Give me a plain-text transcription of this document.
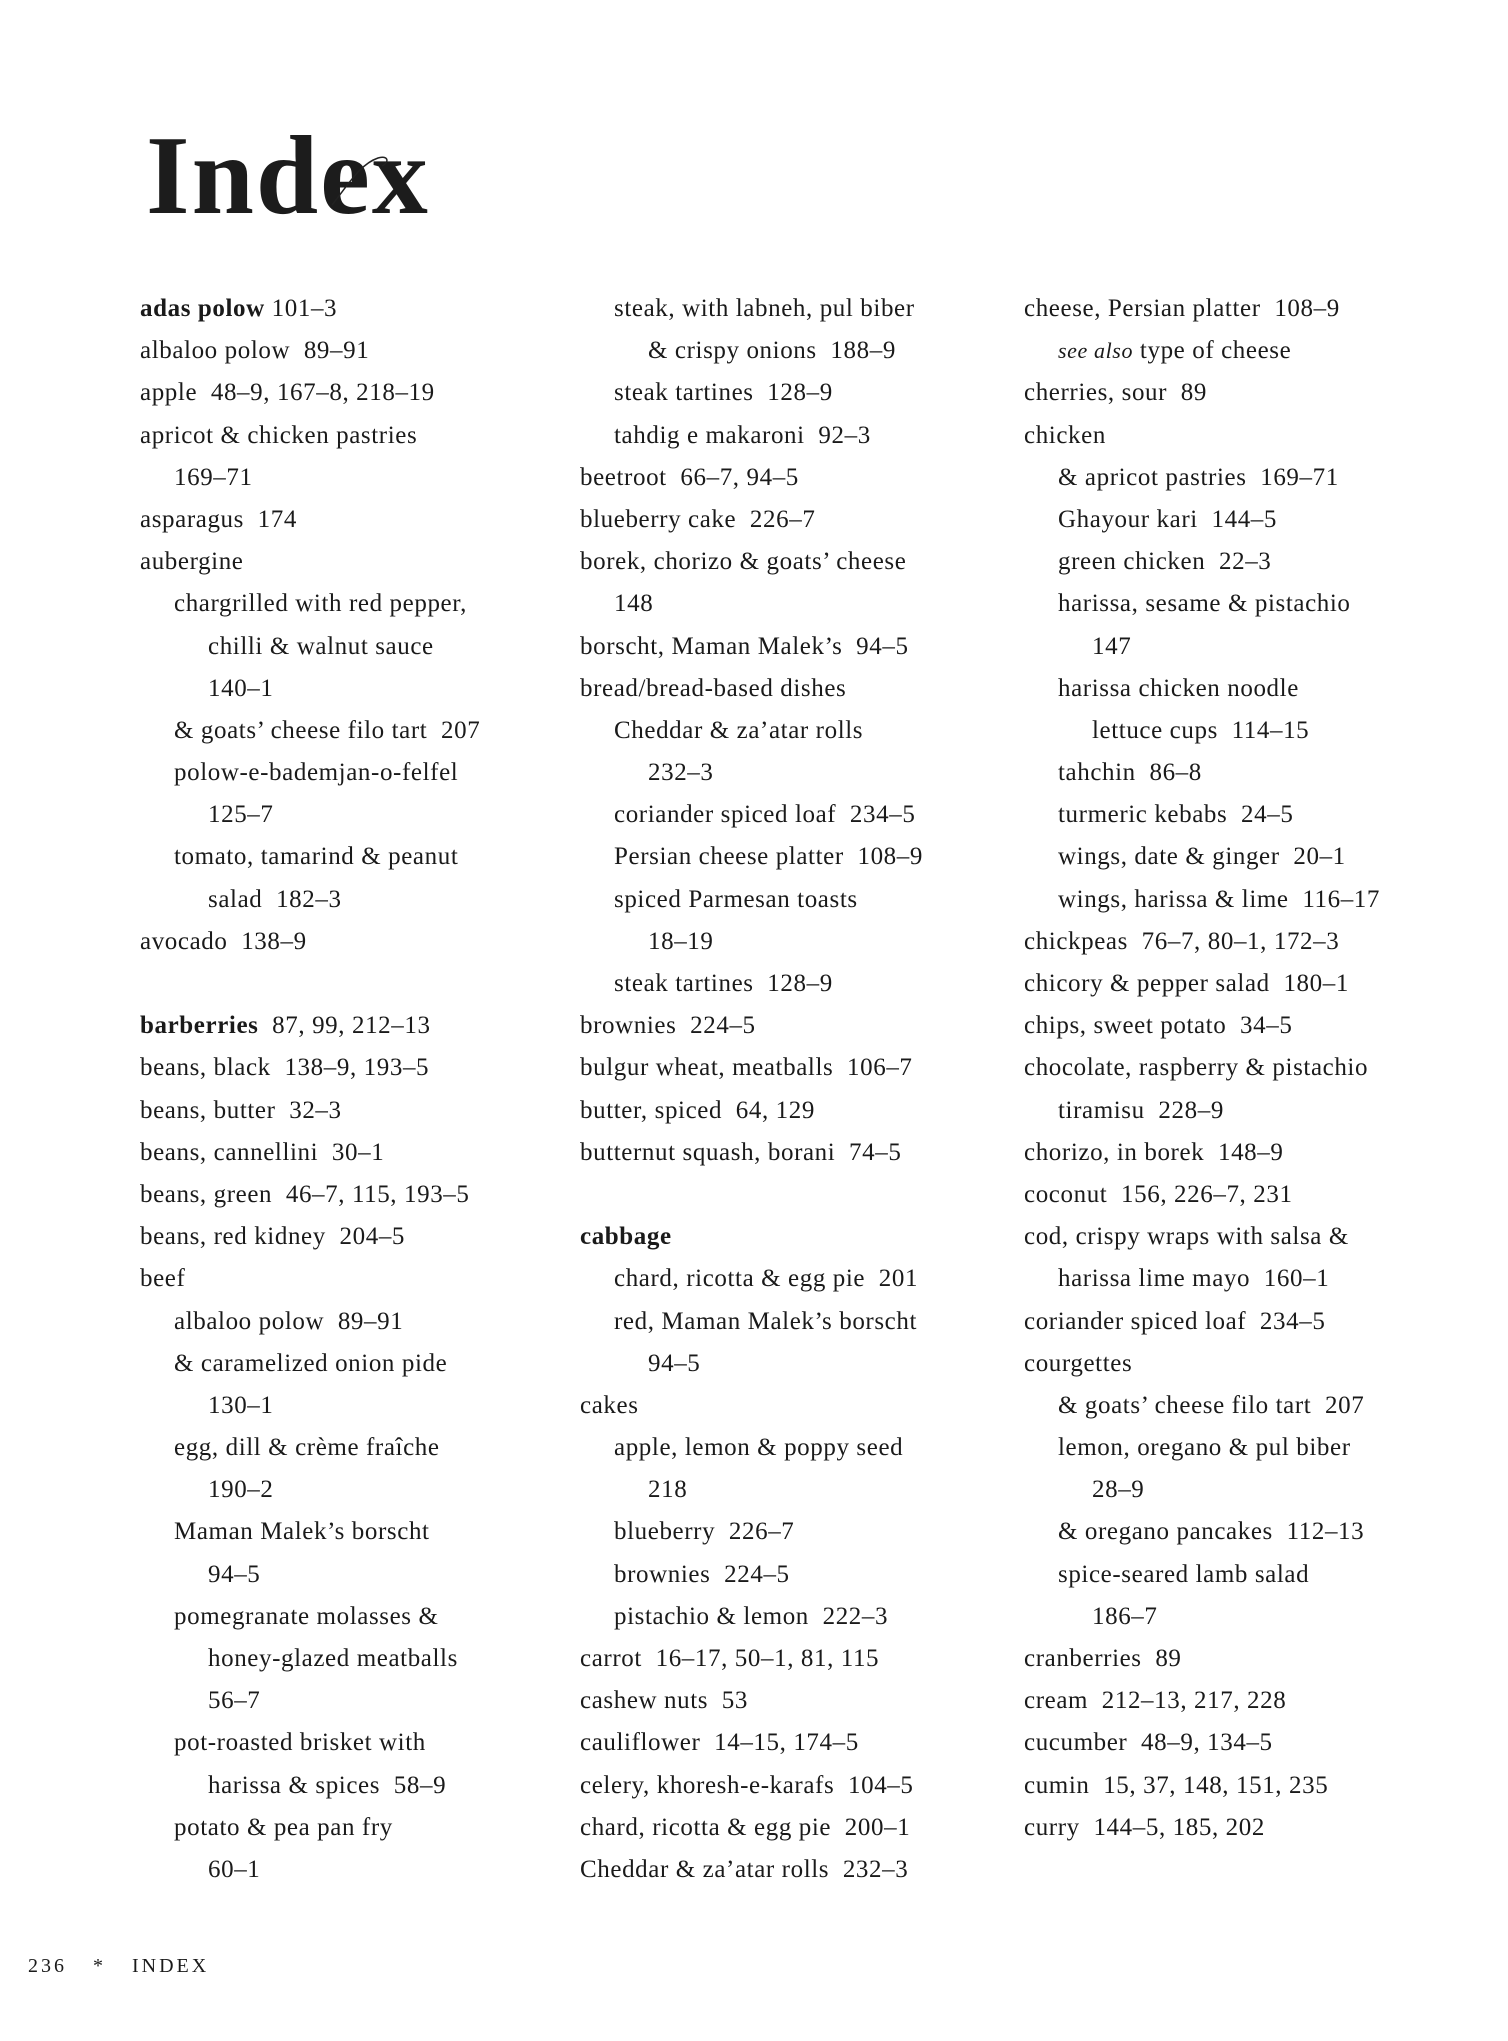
Index
adas polow 101–3
albaloo polow  89–91
apple  48–9, 167–8, 218–19
apricot & chicken pastries
169–71
asparagus  174
aubergine
chargrilled with red pepper,
chilli & walnut sauce
140–1
& goats’ cheese filo tart  207
polow-e-bademjan-o-felfel
125–7
tomato, tamarind & peanut
salad  182–3
avocado  138–9
barberries  87, 99, 212–13
beans, black  138–9, 193–5
beans, butter  32–3
beans, cannellini  30–1
beans, green  46–7, 115, 193–5
beans, red kidney  204–5
beef
albaloo polow  89–91
& caramelized onion pide
130–1
egg, dill & crème fraîche
190–2
Maman Malek’s borscht
94–5
pomegranate molasses &
honey-glazed meatballs
56–7
pot-roasted brisket with
harissa & spices  58–9
potato & pea pan fry
60–1
steak, with labneh, pul biber
& crispy onions  188–9
steak tartines  128–9
tahdig e makaroni  92–3
beetroot  66–7, 94–5
blueberry cake  226–7
borek, chorizo & goats’ cheese
148
borscht, Maman Malek’s  94–5
bread/bread-based dishes
Cheddar & za’atar rolls
232–3
coriander spiced loaf  234–5
Persian cheese platter  108–9
spiced Parmesan toasts
18–19
steak tartines  128–9
brownies  224–5
bulgur wheat, meatballs  106–7
butter, spiced  64, 129
butternut squash, borani  74–5
cabbage
chard, ricotta & egg pie  201
red, Maman Malek’s borscht
94–5
cakes
apple, lemon & poppy seed
218
blueberry  226–7
brownies  224–5
pistachio & lemon  222–3
carrot  16–17, 50–1, 81, 115
cashew nuts  53
cauliflower  14–15, 174–5
celery, khoresh-e-karafs  104–5
chard, ricotta & egg pie  200–1
Cheddar & za’atar rolls  232–3
cheese, Persian platter  108–9
see also type of cheese
cherries, sour  89
chicken
& apricot pastries  169–71
Ghayour kari  144–5
green chicken  22–3
harissa, sesame & pistachio
147
harissa chicken noodle
lettuce cups  114–15
tahchin  86–8
turmeric kebabs  24–5
wings, date & ginger  20–1
wings, harissa & lime  116–17
chickpeas  76–7, 80–1, 172–3
chicory & pepper salad  180–1
chips, sweet potato  34–5
chocolate, raspberry & pistachio
tiramisu  228–9
chorizo, in borek  148–9
coconut  156, 226–7, 231
cod, crispy wraps with salsa &
harissa lime mayo  160–1
coriander spiced loaf  234–5
courgettes
& goats’ cheese filo tart  207
lemon, oregano & pul biber
28–9
& oregano pancakes  112–13
spice-seared lamb salad
186–7
cranberries  89
cream  212–13, 217, 228
cucumber  48–9, 134–5
cumin  15, 37, 148, 151, 235
curry  144–5, 185, 202
236 * INDEX
